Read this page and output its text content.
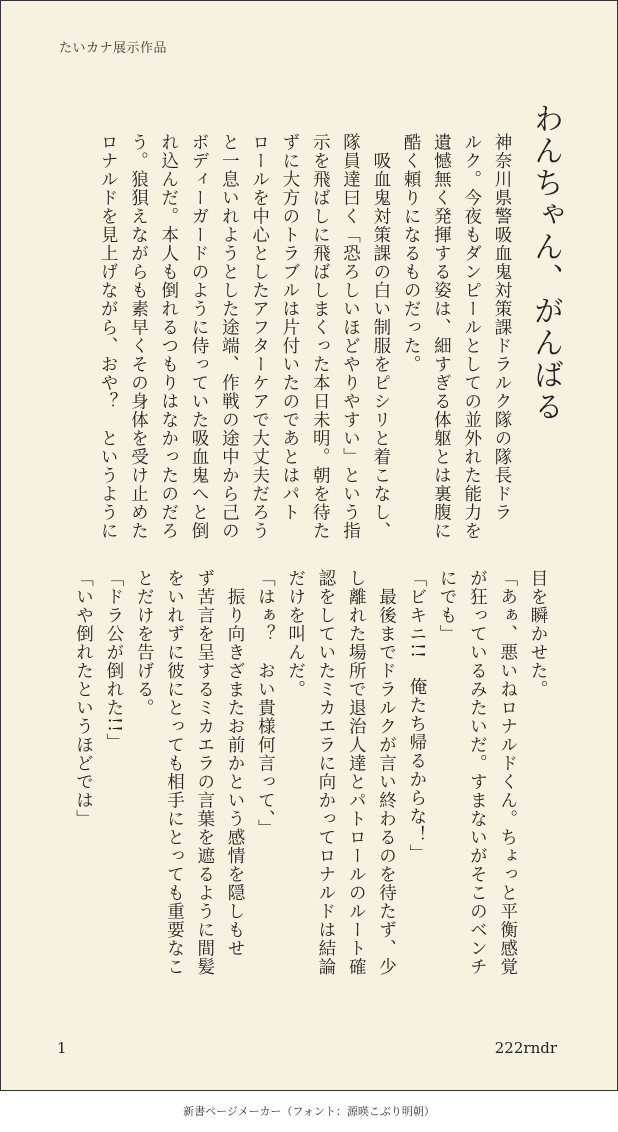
たいカナ展示作品
わんちゃん、がんばる
神奈川県警吸血鬼対策課ドラルク隊の隊長ドラ
ルク。今夜もダンピールとしての並外れた能力を
遺憾無く発揮する姿は、細すぎる体躯とは裏腹に
酷く頼りになるものだった。
　吸血鬼対策課の白い制服をピシリと着こなし、
隊員達曰く「恐ろしいほどやりやすい」という指
示を飛ばしに飛ばしまくった本日未明。朝を待た
ずに大方のトラブルは片付いたのであとはパト
ロールを中心としたアフターケアで大丈夫だろう
と一息いれようとした途端、作戦の途中から己の
ボディーガードのように侍っていた吸血鬼へと倒
れ込んだ。本人も倒れるつもりはなかったのだろ
う。狼狽えながらも素早くその身体を受け止めた
ロナルドを見上げながら、おや？　というように
目を瞬かせた。
「あぁ、悪いねロナルドくん。ちょっと平衡感覚
が狂っているみたいだ。すまないがそこのベンチ
にでも」
「ビキニ!!　俺たち帰るからな！」
　最後までドラルクが言い終わるのを待たず、少
し離れた場所で退治人達とパトロールのルート確
認をしていたミカエラに向かってロナルドは結論
だけを叫んだ。
「はぁ？　おい貴様何言って、」
　振り向きざまたお前かという感情を隠しもせ
ず苦言を呈するミカエラの言葉を遮るように間髪
をいれずに彼にとっても相手にとっても重要なこ
とだけを告げる。
「ドラ公が倒れた!!」
「いや倒れたというほどでは」
1	222rndr
新書ページメーカー（フォント：源暎こぶり明朝）
